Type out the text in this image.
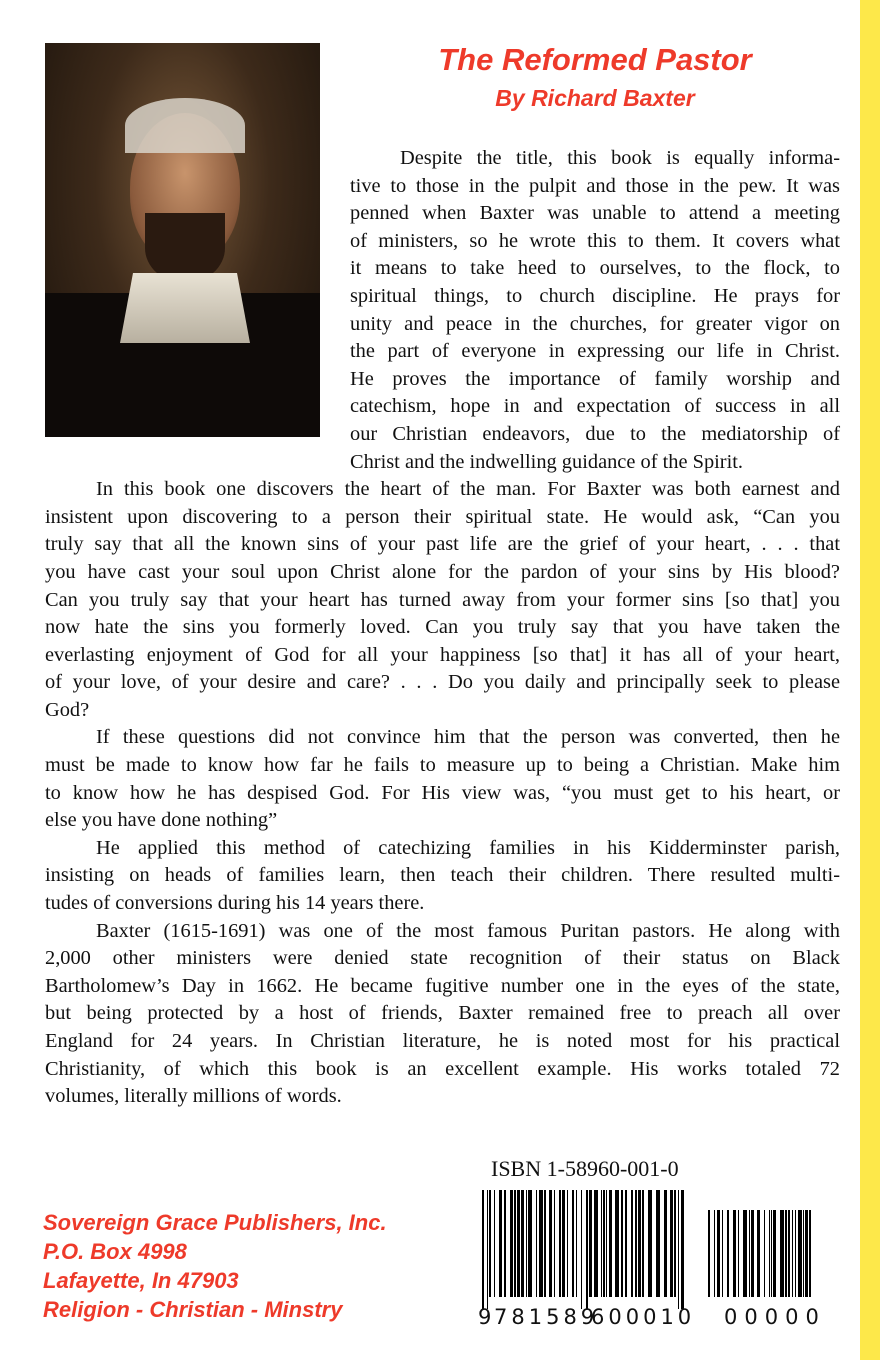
The Reformed Pastor
By Richard Baxter
Despite the title, this book is equally informa-
tive to those in the pulpit and those in the pew. It was
penned when Baxter was unable to attend a meeting
of ministers, so he wrote this to them. It covers what
it means to take heed to ourselves, to the flock, to
spiritual things, to church discipline. He prays for
unity and peace in the churches, for greater vigor on
the part of everyone in expressing our life in Christ.
He proves the importance of family worship and
catechism, hope in and expectation of success in all
our Christian endeavors, due to the mediatorship of
Christ and the indwelling guidance of the Spirit.
In this book one discovers the heart of the man. For Baxter was both earnest and
insistent upon discovering to a person their spiritual state. He would ask, “Can you
truly say that all the known sins of your past life are the grief of your heart, . . . that
you have cast your soul upon Christ alone for the pardon of your sins by His blood?
Can you truly say that your heart has turned away from your former sins [so that] you
now hate the sins you formerly loved. Can you truly say that you have taken the
everlasting enjoyment of God for all your happiness [so that] it has all of your heart,
of your love, of your desire and care? . . . Do you daily and principally seek to please
God?
If these questions did not convince him that the person was converted, then he
must be made to know how far he fails to measure up to being a Christian. Make him
to know how he has despised God. For His view was, “you must get to his heart, or
else you have done nothing”
He applied this method of catechizing families in his Kidderminster parish,
insisting on heads of families learn, then teach their children. There resulted multi-
tudes of conversions during his 14 years there.
Baxter (1615-1691) was one of the most famous Puritan pastors. He along with
2,000 other ministers were denied state recognition of their status on Black
Bartholomew’s Day in 1662. He became fugitive number one in the eyes of the state,
but being protected by a host of friends, Baxter remained free to preach all over
England for 24 years. In Christian literature, he is noted most for his practical
Christianity, of which this book is an excellent example. His works totaled 72
volumes, literally millions of words.
ISBN 1-58960-001-0
9
781589
600010 00000
Sovereign Grace Publishers, Inc.
P.O. Box 4998
Lafayette, In 47903
Religion - Christian - Minstry
